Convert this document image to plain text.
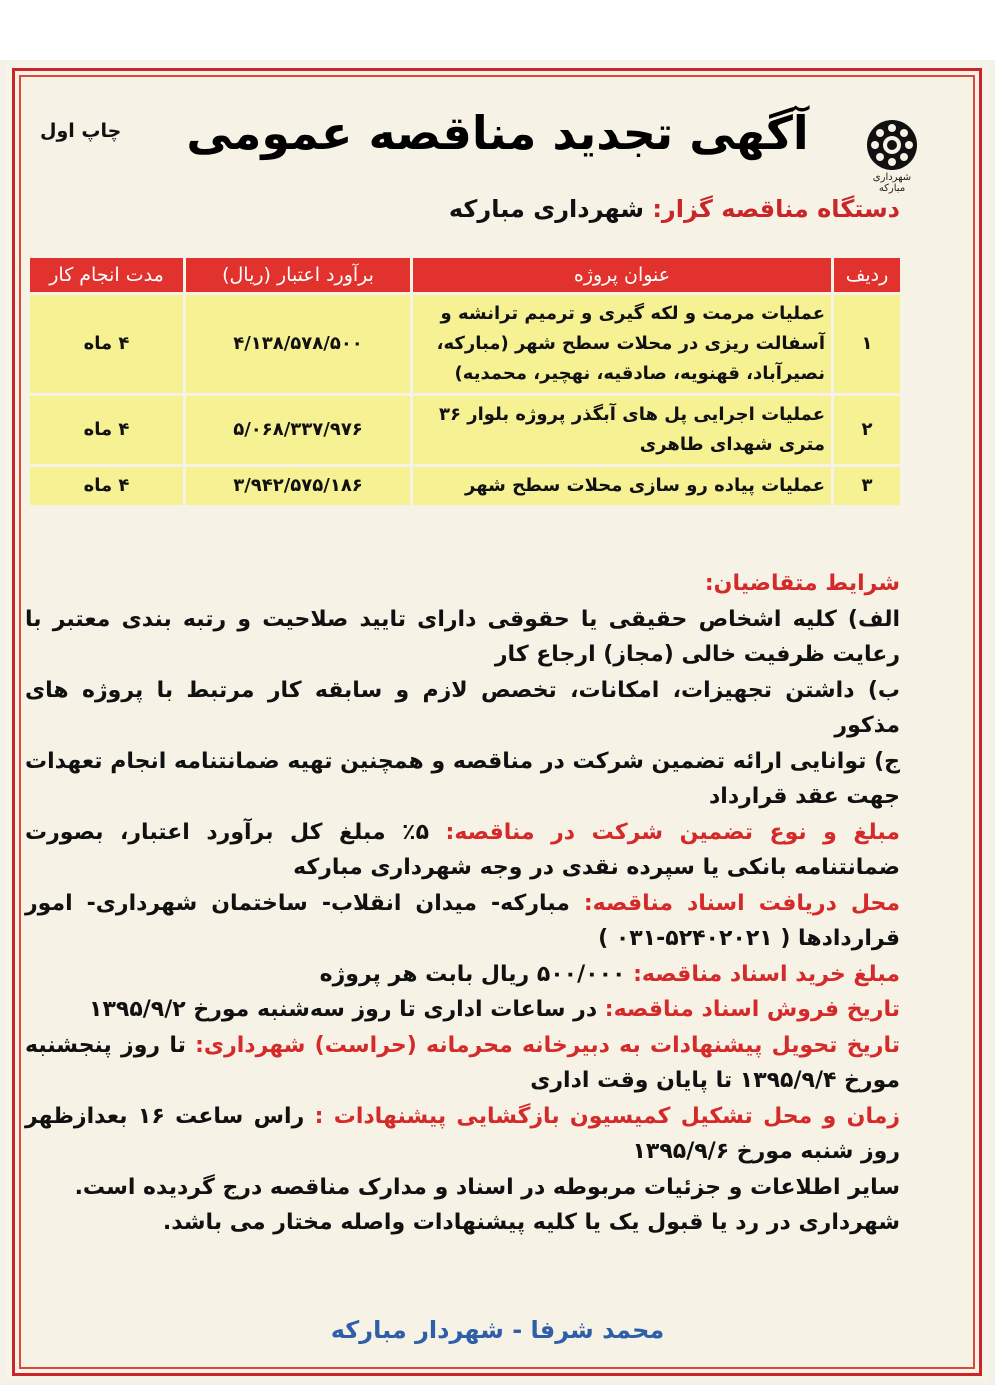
شهرداری مبارکه
چاپ اول	آگهی تجدید مناقصه عمومی
دستگاه مناقصه گزار: شهرداری مبارکه
ردیف	عنوان پروژه	برآورد اعتبار (ریال)	مدت انجام کار
۱	عملیات مرمت و لکه گیری و ترمیم ترانشه و آسفالت ریزی در محلات سطح شهر (مبارکه، نصیرآباد، قهنویه، صادقیه، نهچیر، محمدیه)	۴/۱۳۸/۵۷۸/۵۰۰	۴ ماه
۲	عملیات اجرایی پل های آبگذر پروژه بلوار ۳۶ متری شهدای طاهری	۵/۰۶۸/۳۳۷/۹۷۶	۴ ماه
۳	عملیات پیاده رو سازی محلات سطح شهر	۳/۹۴۲/۵۷۵/۱۸۶	۴ ماه

شرایط متقاضیان:

الف) کلیه اشخاص حقیقی یا حقوقی دارای تایید صلاحیت و رتبه بندی معتبر با رعایت ظرفیت خالی (مجاز) ارجاع کار

ب) داشتن تجهیزات، امکانات، تخصص لازم و سابقه کار مرتبط با پروژه های مذکور

ج) توانایی ارائه تضمین شرکت در مناقصه و همچنین تهیه ضمانتنامه انجام تعهدات جهت عقد قرارداد

مبلغ و نوع تضمین شرکت در مناقصه: ۵٪ مبلغ کل برآورد اعتبار، بصورت ضمانتنامه بانکی یا سپرده نقدی در وجه شهرداری مبارکه

محل دریافت اسناد مناقصه: مبارکه- میدان انقلاب- ساختمان شهرداری- امور قراردادها ( ۵۲۴۰۲۰۲۱-۰۳۱ )

مبلغ خرید اسناد مناقصه: ۵۰۰/۰۰۰ ریال بابت هر پروژه

تاریخ فروش اسناد مناقصه: در ساعات اداری تا روز سه‌شنبه مورخ ۱۳۹۵/۹/۲

تاریخ تحویل پیشنهادات به دبیرخانه محرمانه (حراست) شهرداری: تا روز پنجشنبه مورخ ۱۳۹۵/۹/۴ تا پایان وقت اداری

زمان و محل تشکیل کمیسیون بازگشایی پیشنهادات : راس ساعت ۱۶ بعدازظهر روز شنبه مورخ ۱۳۹۵/۹/۶

سایر اطلاعات و جزئیات مربوطه در اسناد و مدارک مناقصه درج گردیده است.

شهرداری در رد یا قبول یک یا کلیه پیشنهادات واصله مختار می باشد.

محمد شرفا - شهردار مبارکه
